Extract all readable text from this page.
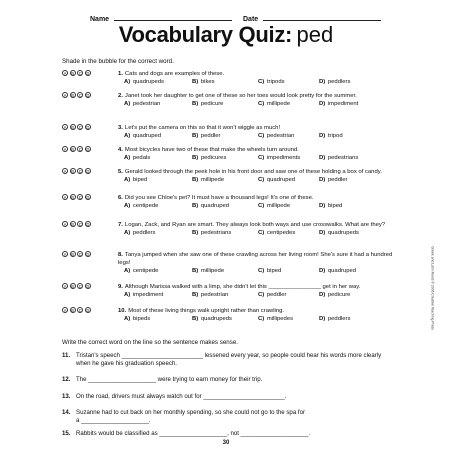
Name	Date
Vocabulary Quiz: ped
Shade in the bubble for the correct word.
A B C D	1. Cats and dogs are examples of these.
A) quadrupeds	B) bikes	C) tripods	D) peddlers
A B C D	2. Janet took her daughter to get one of these so her toes would look pretty for the summer.
A) pedestrian	B) pedicure	C) millipede	D) impediment
A B C D	3. Let's put the camera on this so that it won't wiggle as much!
A) quadruped	B) peddler	C) pedestrian	D) tripod
A B C D	4. Most bicycles have two of these that make the wheels turn around.
A) pedals	B) pedicures	C) impediments	D) pedestrians
A B C D	5. Gerald looked through the peek hole in his front door and saw one of these holding a box of candy.
A) biped	B) millipede	C) quadruped	D) peddler
A B C D	6. Did you see Chloe's pet? It must have a thousand legs! It's one of these.
A) centipede	B) quadruped	C) millipede	D) biped
A B C D	7. Logan, Zack, and Ryan are smart. They always look both ways and use crosswalks. What are they?
A) peddlers	B) pedestrians	C) centipedes	D) quadrupeds
A B C D	8. Tanya jumped when she saw one of these crawling across her living room! She's sure it had a hundred legs!
A) centipede	B) millipede	C) biped	D) quadruped
A B C D	9. Although Marissa walked with a limp, she didn't let this ________________ get in her way.
A) impediment	B) pedestrian	C) peddler	D) pedicure
A B C D	10. Most of these living things walk upright rather than crawling.
A) bipeds	B) quadrupeds	C) millipedes	D) peddlers
Write the correct word on the line so the sentence makes sense.
11. Tristan's speech ________________________ lessened every year, so people could hear his words more clearly
when he gave his graduation speech.
12. The ____________________ were trying to earn money for their trip.
13. On the road, drivers must always watch out for ________________________.
14. Suzanne had to cut back on her monthly spending, so she could not go to the spa for
a ____________________.
15. Rabbits would be classified as ____________________, not ____________________.
Greek and Latin Roots © 2006 Creative Teaching Press
30
